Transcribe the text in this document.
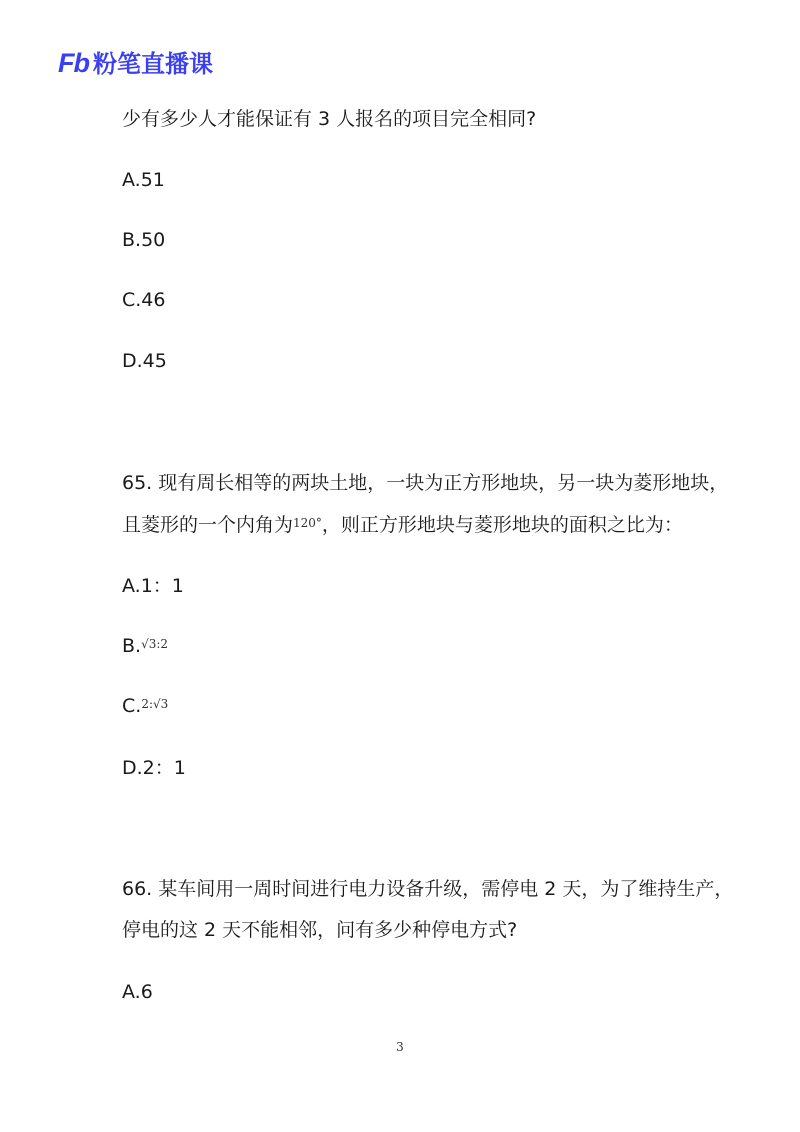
Fb 粉笔直播课
少有多少人才能保证有 3 人报名的项目完全相同?
A.51
B.50
C.46
D.45
65. 现有周长相等的两块土地，一块为正方形地块，另一块为菱形地块，
且菱形的一个内角为$^{120^\circ}$，则正方形地块与菱形地块的面积之比为：
A.1：1
B.$^{√3:2}$
C.$^{2:√3}$
D.2：1
66. 某车间用一周时间进行电力设备升级，需停电 2 天，为了维持生产，
停电的这 2 天不能相邻，问有多少种停电方式?
A.6
3
